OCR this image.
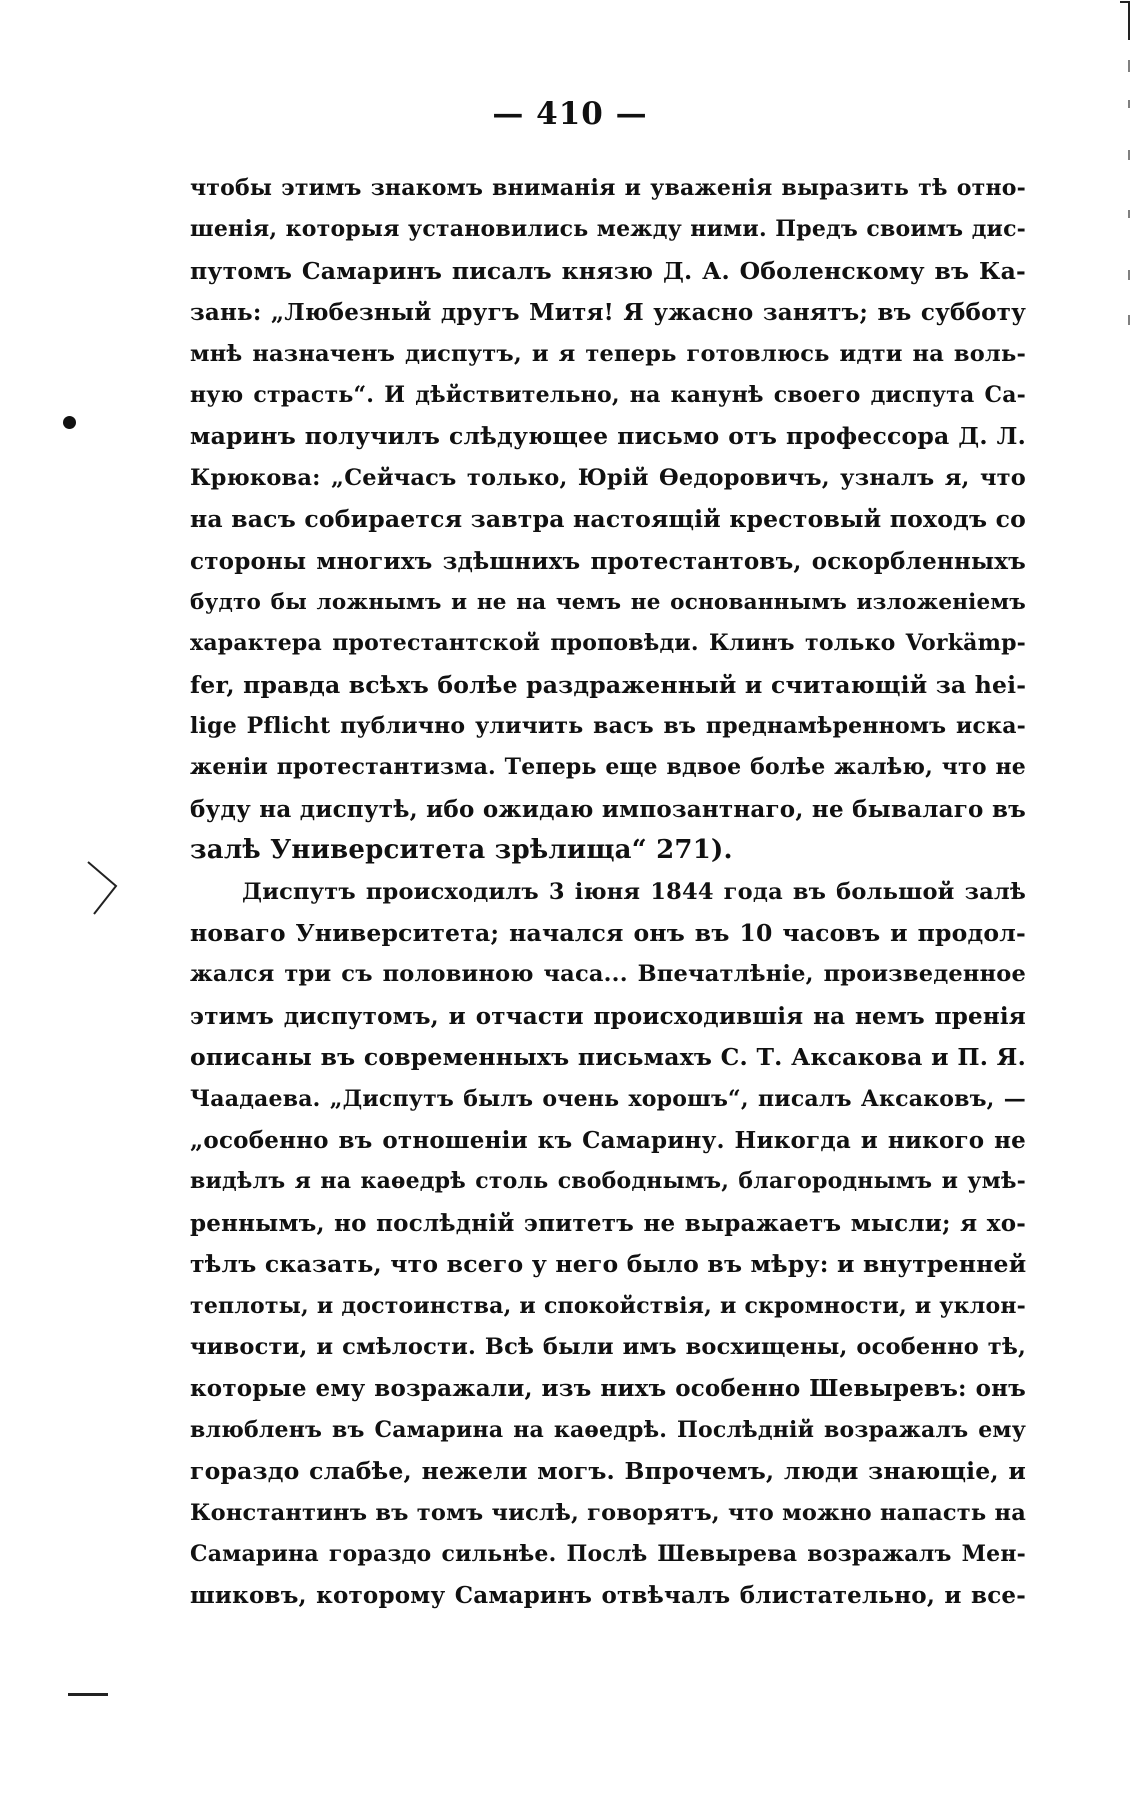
— 410 —
чтобы этимъ знакомъ вниманія и уваженія выразить тѣ отно-
шенія, которыя установились между ними. Предъ своимъ дис-
путомъ Самаринъ писалъ князю Д. А. Оболенскому въ Ка-
зань: „Любезный другъ Митя! Я ужасно занятъ; въ субботу
мнѣ назначенъ диспутъ, и я теперь готовлюсь идти на воль-
ную страсть“. И дѣйствительно, на канунѣ своего диспута Са-
маринъ получилъ слѣдующее письмо отъ профессора Д. Л.
Крюкова: „Сейчасъ только, Юрій Ѳедоровичъ, узналъ я, что
на васъ собирается завтра настоящій крестовый походъ со
стороны многихъ здѣшнихъ протестантовъ, оскорбленныхъ
будто бы ложнымъ и не на чемъ не основаннымъ изложеніемъ
характера протестантской проповѣди. Клинъ только Vorkämp-
fer, правда всѣхъ болѣе раздраженный и считающій за hei-
lige Pflicht публично уличить васъ въ преднамѣренномъ иска-
женіи протестантизма. Теперь еще вдвое болѣе жалѣю, что не
буду на диспутѣ, ибо ожидаю импозантнаго, не бывалаго въ
залѣ Университета зрѣлища“ 271).
Диспутъ происходилъ 3 іюня 1844 года въ большой залѣ
новаго Университета; начался онъ въ 10 часовъ и продол-
жался три съ половиною часа... Впечатлѣніе, произведенное
этимъ диспутомъ, и отчасти происходившія на немъ пренія
описаны въ современныхъ письмахъ С. Т. Аксакова и П. Я.
Чаадаева. „Диспутъ былъ очень хорошъ“, писалъ Аксаковъ, —
„особенно въ отношеніи къ Самарину. Никогда и никого не
видѣлъ я на каѳедрѣ столь свободнымъ, благороднымъ и умѣ-
реннымъ, но послѣдній эпитетъ не выражаетъ мысли; я хо-
тѣлъ сказать, что всего у него было въ мѣру: и внутренней
теплоты, и достоинства, и спокойствія, и скромности, и уклон-
чивости, и смѣлости. Всѣ были имъ восхищены, особенно тѣ,
которые ему возражали, изъ нихъ особенно Шевыревъ: онъ
влюбленъ въ Самарина на каѳедрѣ. Послѣдній возражалъ ему
гораздо слабѣе, нежели могъ. Впрочемъ, люди знающіе, и
Константинъ въ томъ числѣ, говорятъ, что можно напасть на
Самарина гораздо сильнѣе. Послѣ Шевырева возражалъ Мен-
шиковъ, которому Самаринъ отвѣчалъ блистательно, и все-
